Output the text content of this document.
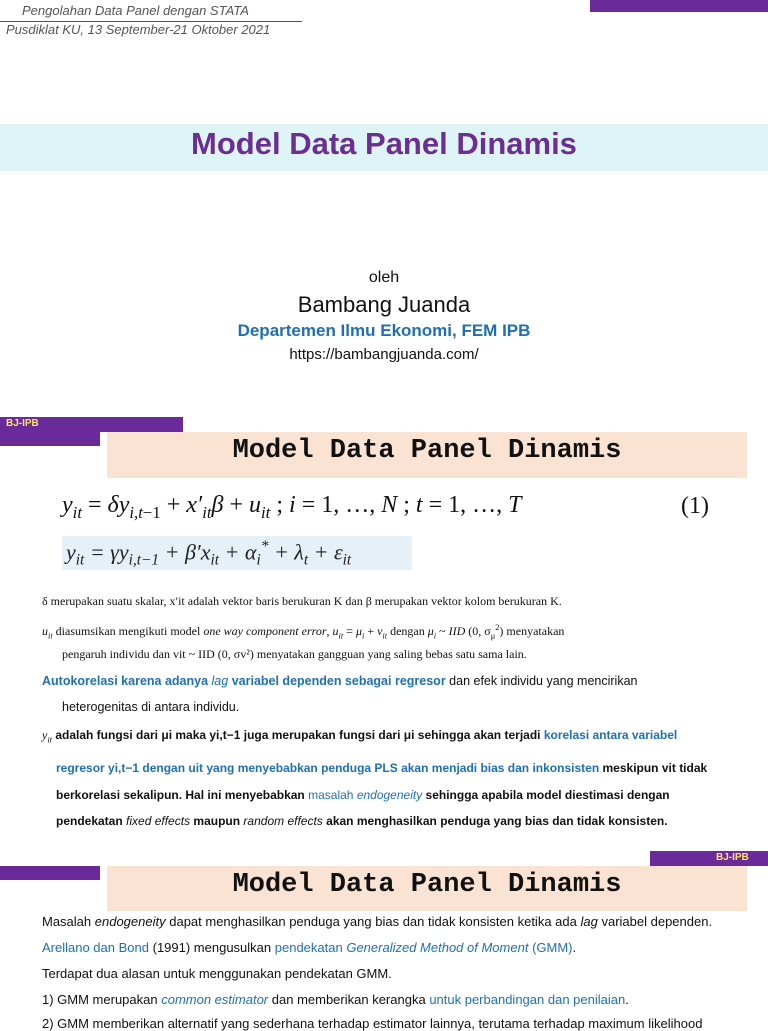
Pengolahan Data Panel dengan STATA
Pusdiklat KU, 13 September-21 Oktober 2021
Model Data Panel Dinamis
oleh
Bambang Juanda
Departemen Ilmu Ekonomi, FEM IPB
https://bambangjuanda.com/
BJ-IPB
Model Data Panel Dinamis
$y_{it} = \delta y_{i,t-1} + x'_{it}\beta + u_{it}$ ; i = 1, …, N ; t = 1, …, T	(1)
$y_{it} = \gamma y_{i,t-1} + \beta'x_{it} + \alpha_i^* + \lambda_t + \varepsilon_{it}$
δ merupakan suatu skalar, x′it adalah vektor baris berukuran K dan β merupakan vektor kolom berukuran K.
$u_{it}$ diasumsikan mengikuti model one way component error, $u_{it} = \mu_i + v_{it}$ dengan $\mu_i$ ~ IID (0, $\sigma_\mu^2$) menyatakan
pengaruh individu dan vit ~ IID (0, σv²) menyatakan gangguan yang saling bebas satu sama lain.
Autokorelasi karena adanya lag variabel dependen sebagai regresor dan efek individu yang mencirikan
heterogenitas di antara individu.
$y_{it}$ adalah fungsi dari μi maka yi,t−1 juga merupakan fungsi dari μi sehingga akan terjadi korelasi antara variabel
regresor yi,t−1 dengan uit yang menyebabkan penduga PLS akan menjadi bias dan inkonsisten meskipun vit tidak
berkorelasi sekalipun. Hal ini menyebabkan masalah endogeneity sehingga apabila model diestimasi dengan
pendekatan fixed effects maupun random effects akan menghasilkan penduga yang bias dan tidak konsisten.
BJ-IPB
Model Data Panel Dinamis
Masalah endogeneity dapat menghasilkan penduga yang bias dan tidak konsisten ketika ada lag variabel dependen.
Arellano dan Bond (1991) mengusulkan pendekatan Generalized Method of Moment (GMM).
Terdapat dua alasan untuk menggunakan pendekatan GMM.
1) GMM merupakan common estimator dan memberikan kerangka untuk perbandingan dan penilaian.
2) GMM memberikan alternatif yang sederhana terhadap estimator lainnya, terutama terhadap maximum likelihood
